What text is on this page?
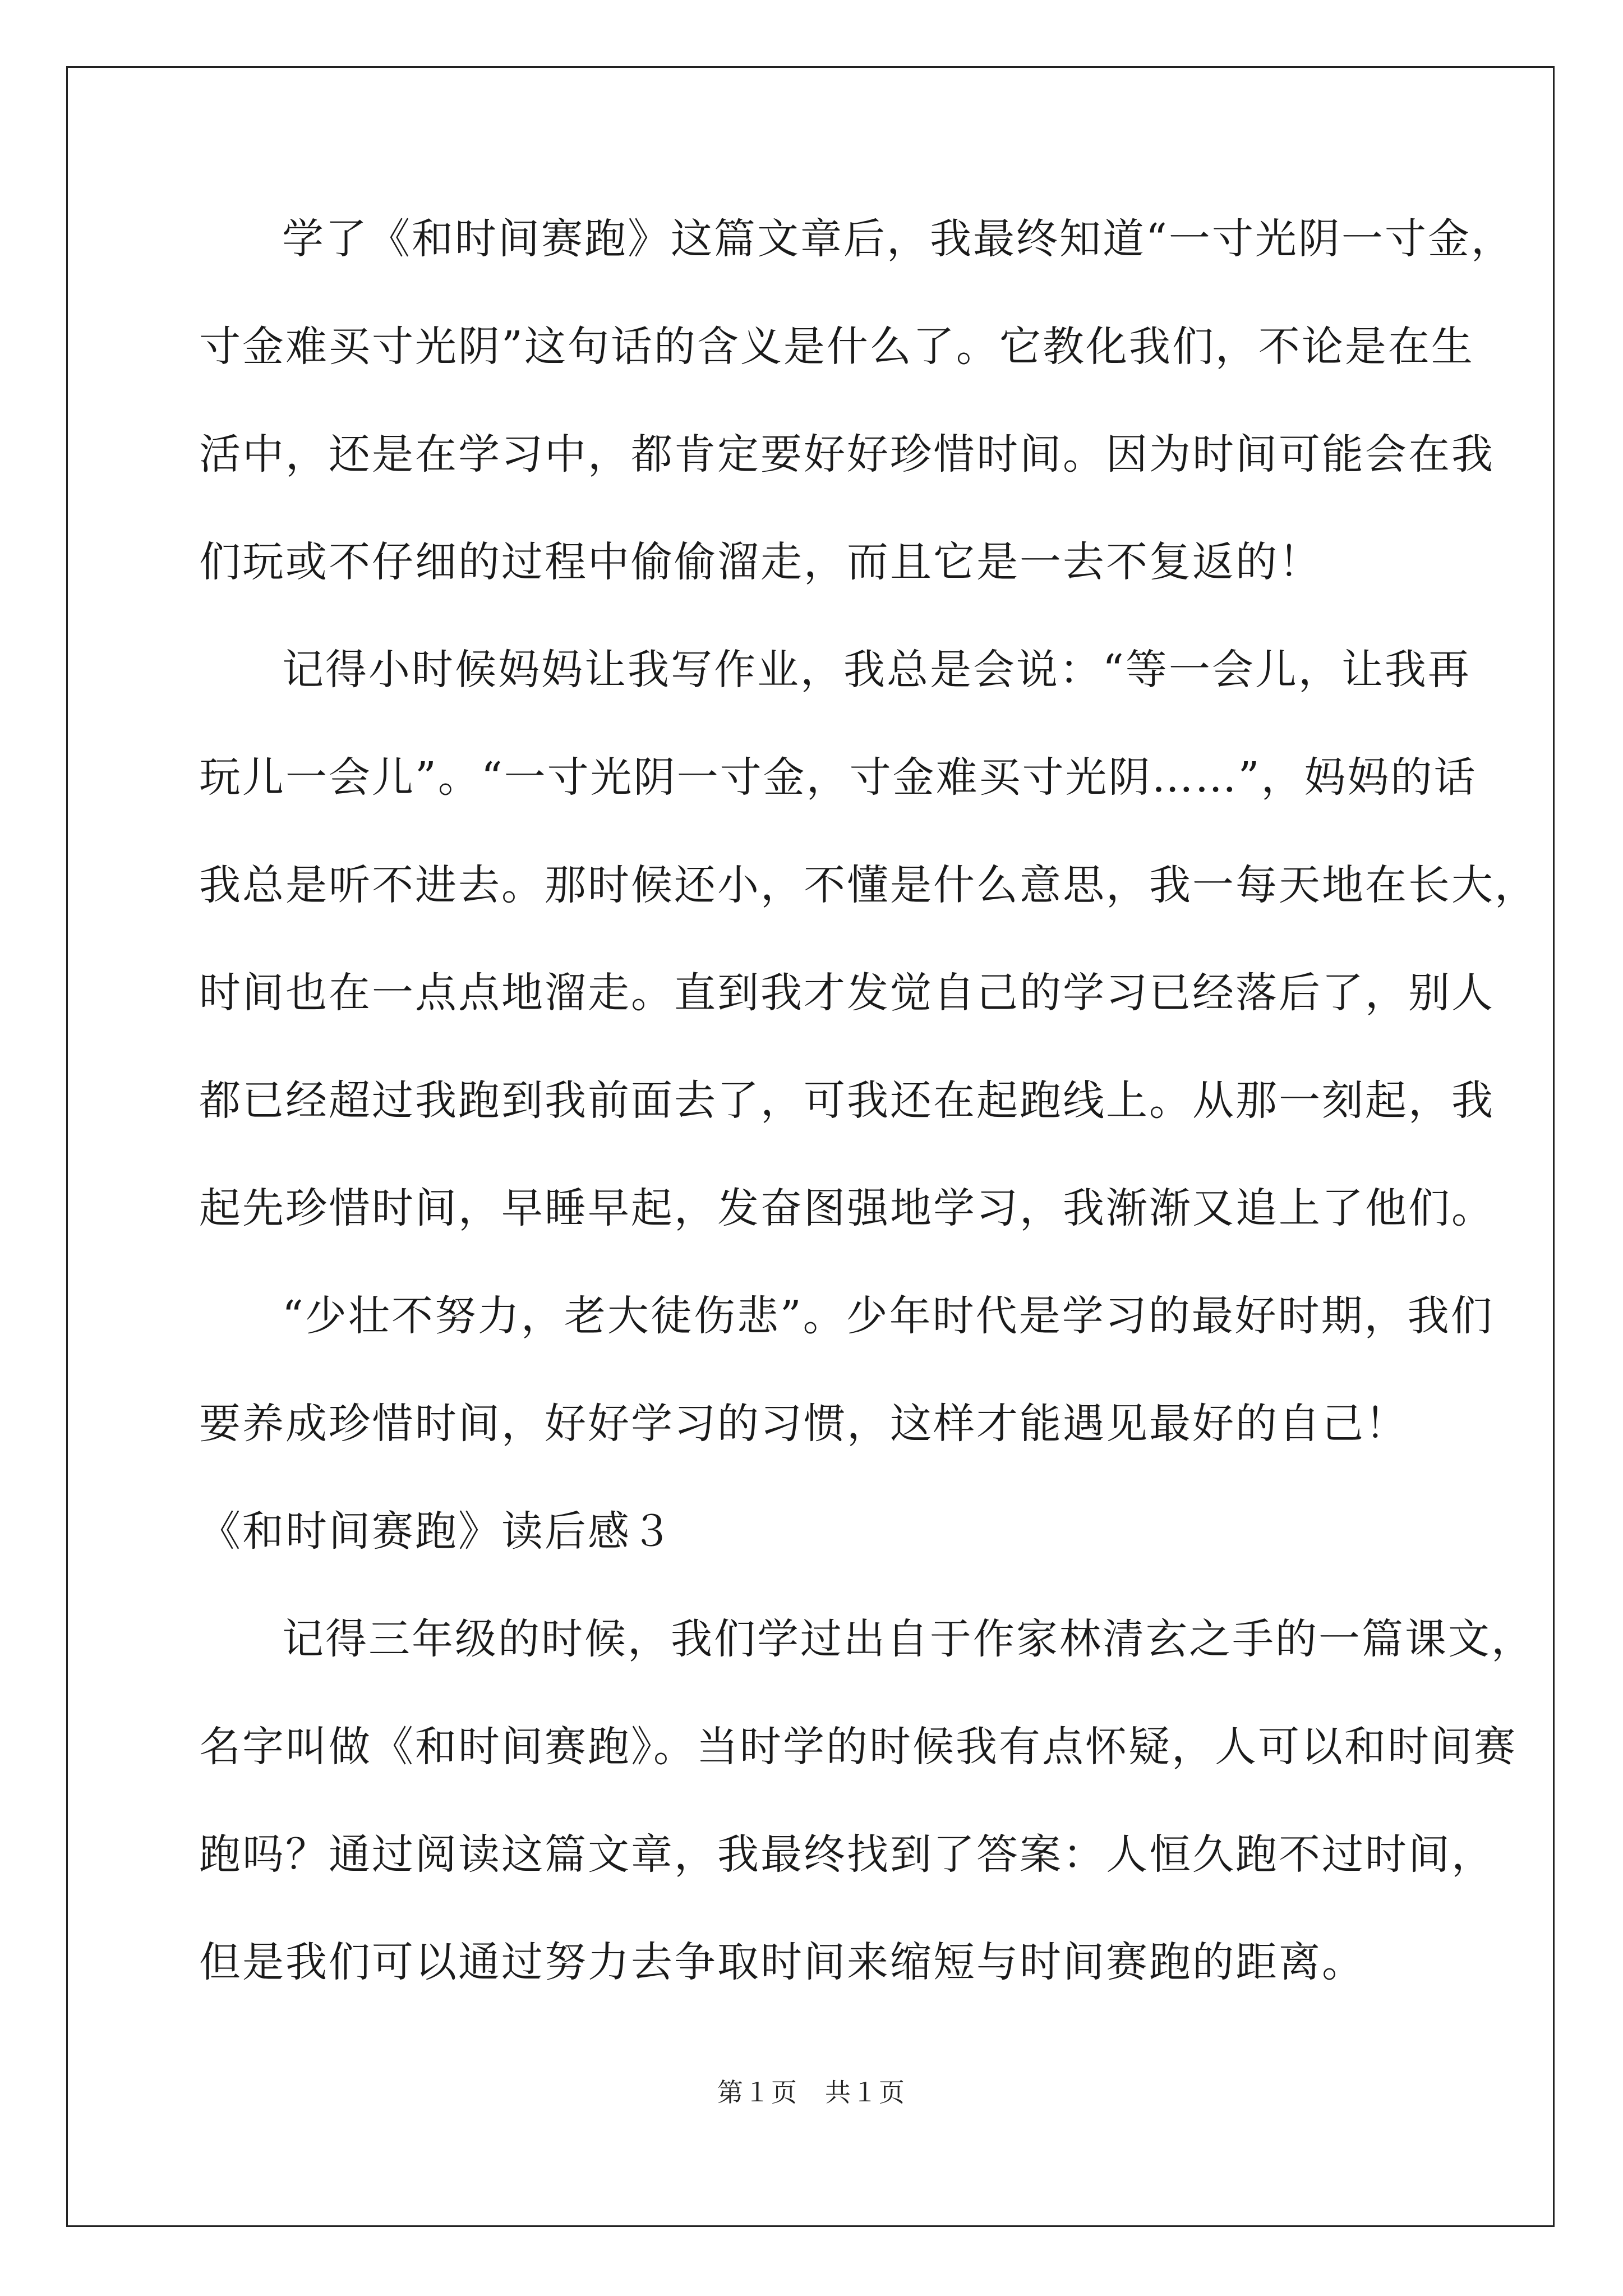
学了《和时间赛跑》这篇文章后，我最终知道“一寸光阴一寸金，
寸金难买寸光阴”这句话的含义是什么了。它教化我们，不论是在生
活中，还是在学习中，都肯定要好好珍惜时间。因为时间可能会在我
们玩或不仔细的过程中偷偷溜走，而且它是一去不复返的！
记得小时候妈妈让我写作业，我总是会说：“等一会儿，让我再
玩儿一会儿”。“一寸光阴一寸金，寸金难买寸光阴……”，妈妈的话
我总是听不进去。那时候还小，不懂是什么意思，我一每天地在长大，
时间也在一点点地溜走。直到我才发觉自己的学习已经落后了，别人
都已经超过我跑到我前面去了，可我还在起跑线上。从那一刻起，我
起先珍惜时间，早睡早起，发奋图强地学习，我渐渐又追上了他们。
“少壮不努力，老大徒伤悲”。少年时代是学习的最好时期，我们
要养成珍惜时间，好好学习的习惯，这样才能遇见最好的自己！
《和时间赛跑》读后感３
记得三年级的时候，我们学过出自于作家林清玄之手的一篇课文，
名字叫做《和时间赛跑》。当时学的时候我有点怀疑，人可以和时间赛
跑吗？通过阅读这篇文章，我最终找到了答案：人恒久跑不过时间，
但是我们可以通过努力去争取时间来缩短与时间赛跑的距离。
第１页　共１页
